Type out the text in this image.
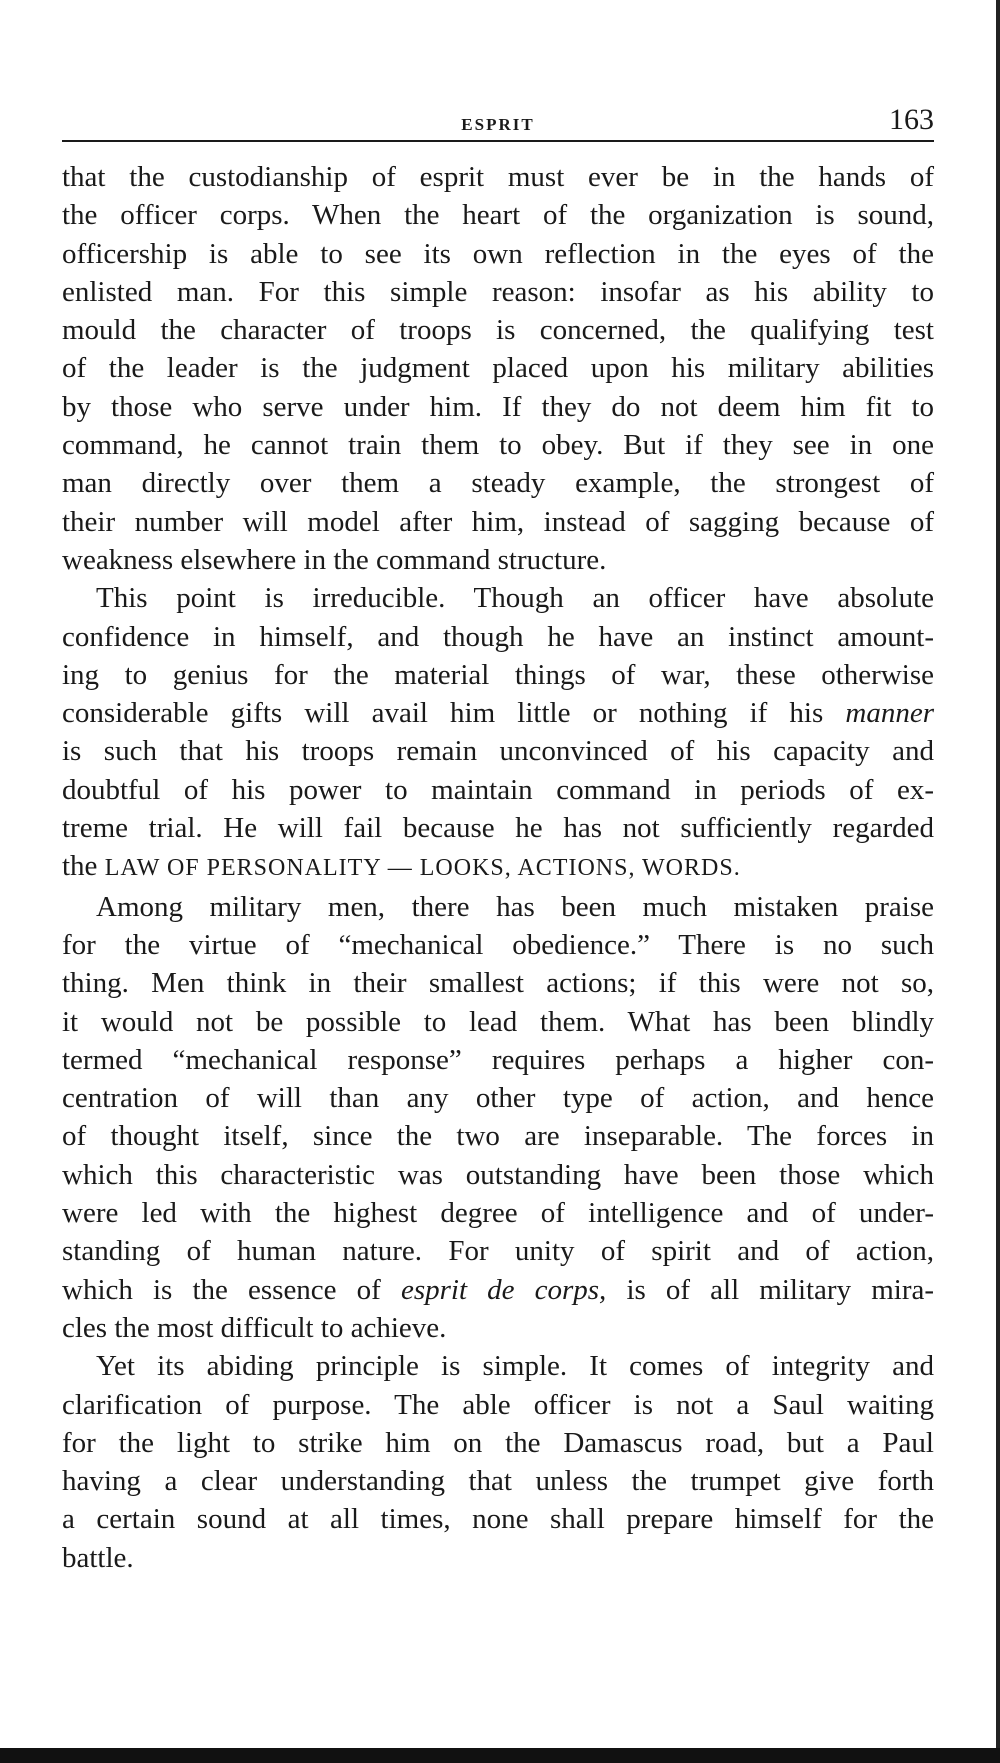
ESPRIT	163

that the custodianship of esprit must ever be in the hands of
the officer corps. When the heart of the organization is sound,
officership is able to see its own reflection in the eyes of the
enlisted man. For this simple reason: insofar as his ability to
mould the character of troops is concerned, the qualifying test
of the leader is the judgment placed upon his military abilities
by those who serve under him. If they do not deem him fit to
command, he cannot train them to obey. But if they see in one
man directly over them a steady example, the strongest of
their number will model after him, instead of sagging because of
weakness elsewhere in the command structure.

This point is irreducible. Though an officer have absolute
confidence in himself, and though he have an instinct amount-
ing to genius for the material things of war, these otherwise
considerable gifts will avail him little or nothing if his manner
is such that his troops remain unconvinced of his capacity and
doubtful of his power to maintain command in periods of ex-
treme trial. He will fail because he has not sufficiently regarded
the LAW OF PERSONALITY — LOOKS, ACTIONS, WORDS.

Among military men, there has been much mistaken praise
for the virtue of “mechanical obedience.” There is no such
thing. Men think in their smallest actions; if this were not so,
it would not be possible to lead them. What has been blindly
termed “mechanical response” requires perhaps a higher con-
centration of will than any other type of action, and hence
of thought itself, since the two are inseparable. The forces in
which this characteristic was outstanding have been those which
were led with the highest degree of intelligence and of under-
standing of human nature. For unity of spirit and of action,
which is the essence of esprit de corps, is of all military mira-
cles the most difficult to achieve.

Yet its abiding principle is simple. It comes of integrity and
clarification of purpose. The able officer is not a Saul waiting
for the light to strike him on the Damascus road, but a Paul
having a clear understanding that unless the trumpet give forth
a certain sound at all times, none shall prepare himself for the
battle.
